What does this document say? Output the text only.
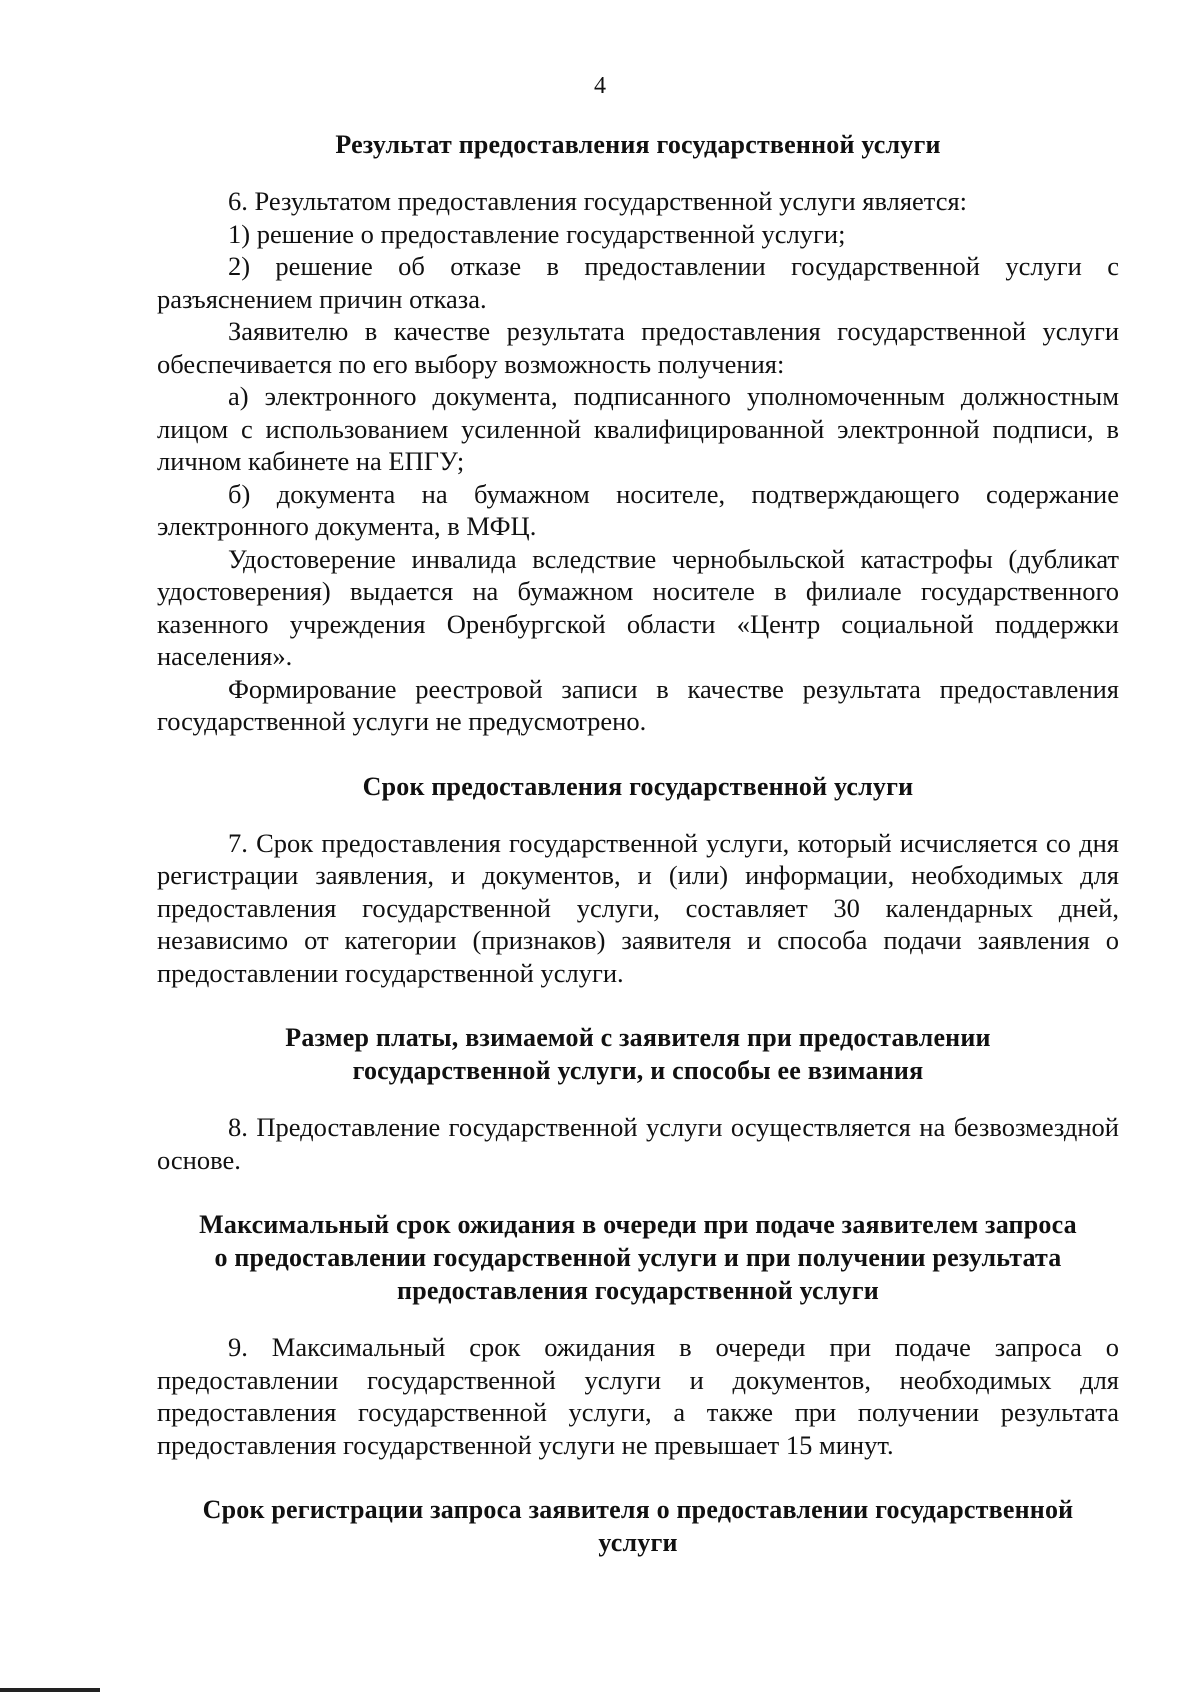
4
Результат предоставления государственной услуги

6. Результатом предоставления государственной услуги является:

1) решение о предоставление государственной услуги;

2) решение об отказе в предоставлении государственной услуги с разъяснением причин отказа.

Заявителю в качестве результата предоставления государственной услуги обеспечивается по его выбору возможность получения:

а) электронного документа, подписанного уполномоченным должностным лицом с использованием усиленной квалифицированной электронной подписи, в личном кабинете на ЕПГУ;

б) документа на бумажном носителе, подтверждающего содержание электронного документа, в МФЦ.

Удостоверение инвалида вследствие чернобыльской катастрофы (дубликат удостоверения) выдается на бумажном носителе в филиале государственного казенного учреждения Оренбургской области «Центр социальной поддержки населения».

Формирование реестровой записи в качестве результата предоставления государственной услуги не предусмотрено.

Срок предоставления государственной услуги

7. Срок предоставления государственной услуги, который исчисляется со дня регистрации заявления, и документов, и (или) информации, необходимых для предоставления государственной услуги, составляет 30 календарных дней, независимо от категории (признаков) заявителя и способа подачи заявления о предоставлении государственной услуги.

Размер платы, взимаемой с заявителя при предоставлении
государственной услуги, и способы ее взимания

8. Предоставление государственной услуги осуществляется на безвозмездной основе.

Максимальный срок ожидания в очереди при подаче заявителем запроса
о предоставлении государственной услуги и при получении результата
предоставления государственной услуги

9. Максимальный срок ожидания в очереди при подаче запроса о предоставлении государственной услуги и документов, необходимых для предоставления государственной услуги, а также при получении результата предоставления государственной услуги не превышает 15 минут.

Срок регистрации запроса заявителя о предоставлении государственной
услуги
